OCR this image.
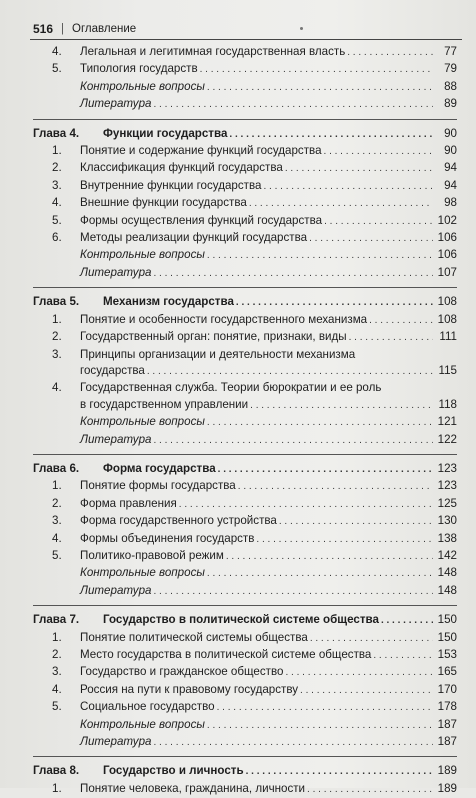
516 | Оглавление
4.	Легальная и легитимная государственная власть . . .	77
5.	Типология государств . . .	79
Контрольные вопросы . . .	88
Литература . . .	89
Глава 4.	Функции государства . . .	90
1.	Понятие и содержание функций государства . . .	90
2.	Классификация функций государства . . .	94
3.	Внутренние функции государства . . .	94
4.	Внешние функции государства . . .	98
5.	Формы осуществления функций государства . . .	102
6.	Методы реализации функций государства . . .	106
Контрольные вопросы . . .	106
Литература . . .	107
Глава 5.	Механизм государства . . .	108
1.	Понятие и особенности государственного механизма . . .	108
2.	Государственный орган: понятие, признаки, виды . . .	111
3.	Принципы организации и деятельности механизма
государства . . .	115
4.	Государственная служба. Теории бюрократии и ее роль
в государственном управлении . . .	118
Контрольные вопросы . . .	121
Литература . . .	122
Глава 6.	Форма государства . . .	123
1.	Понятие формы государства . . .	123
2.	Форма правления . . .	125
3.	Форма государственного устройства . . .	130
4.	Формы объединения государств . . .	138
5.	Политико-правовой режим . . .	142
Контрольные вопросы . . .	148
Литература . . .	148
Глава 7.	Государство в политической системе общества . . .	150
1.	Понятие политической системы общества . . .	150
2.	Место государства в политической системе общества . . .	153
3.	Государство и гражданское общество . . .	165
4.	Россия на пути к правовому государству . . .	170
5.	Социальное государство . . .	178
Контрольные вопросы . . .	187
Литература . . .	187
Глава 8.	Государство и личность . . .	189
1.	Понятие человека, гражданина, личности . . .	189
